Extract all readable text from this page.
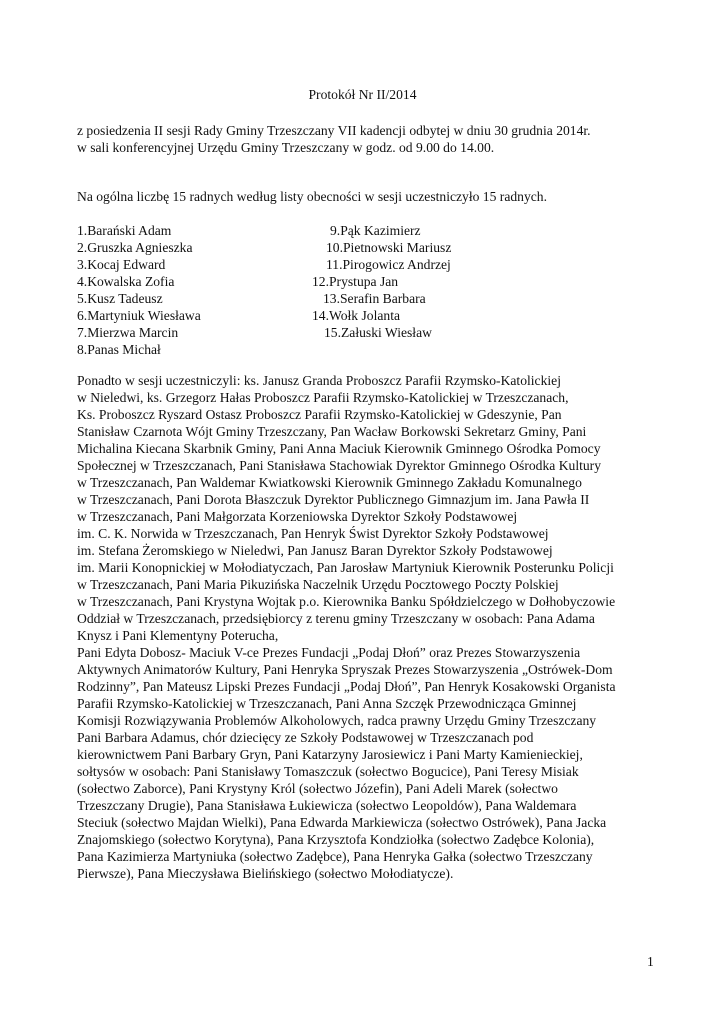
Protokół Nr II/2014
z posiedzenia II sesji Rady Gminy Trzeszczany VII kadencji odbytej w dniu 30 grudnia 2014r.
w sali konferencyjnej Urzędu Gminy Trzeszczany w godz. od 9.00 do 14.00.
Na ogólna liczbę 15 radnych według listy obecności w sesji uczestniczyło 15 radnych.
1.Barański Adam	9.Pąk Kazimierz
2.Gruszka Agnieszka	10.Pietnowski Mariusz
3.Kocaj Edward	11.Pirogowicz Andrzej
4.Kowalska Zofia	12.Prystupa Jan
5.Kusz Tadeusz	13.Serafin Barbara
6.Martyniuk Wiesława	14.Wołk Jolanta
7.Mierzwa Marcin	15.Załuski Wiesław
8.Panas Michał
Ponadto w sesji uczestniczyli: ks. Janusz Granda Proboszcz Parafii Rzymsko-Katolickiej
w Nieledwi, ks. Grzegorz Hałas Proboszcz Parafii Rzymsko-Katolickiej w Trzeszczanach,
Ks. Proboszcz Ryszard Ostasz Proboszcz Parafii Rzymsko-Katolickiej w Gdeszynie, Pan
Stanisław Czarnota Wójt Gminy Trzeszczany, Pan Wacław Borkowski Sekretarz Gminy, Pani
Michalina Kiecana Skarbnik Gminy, Pani Anna Maciuk Kierownik Gminnego Ośrodka Pomocy
Społecznej w Trzeszczanach, Pani Stanisława Stachowiak Dyrektor Gminnego Ośrodka Kultury
w Trzeszczanach, Pan Waldemar Kwiatkowski Kierownik Gminnego Zakładu Komunalnego
w Trzeszczanach, Pani Dorota Błaszczuk Dyrektor Publicznego Gimnazjum im. Jana Pawła II
w Trzeszczanach, Pani Małgorzata Korzeniowska Dyrektor Szkoły Podstawowej
im. C. K. Norwida w Trzeszczanach, Pan Henryk Świst Dyrektor Szkoły Podstawowej
im. Stefana Żeromskiego w Nieledwi, Pan Janusz Baran Dyrektor Szkoły Podstawowej
im. Marii Konopnickiej w Mołodiatyczach, Pan Jarosław Martyniuk Kierownik Posterunku Policji
w Trzeszczanach, Pani Maria Pikuzińska Naczelnik Urzędu Pocztowego Poczty Polskiej
w Trzeszczanach, Pani Krystyna Wojtak p.o. Kierownika Banku Spółdzielczego w Dołhobyczowie
Oddział w Trzeszczanach, przedsiębiorcy z terenu gminy Trzeszczany w osobach: Pana Adama
Knysz i Pani Klementyny Poterucha,
Pani Edyta Dobosz- Maciuk V-ce Prezes Fundacji „Podaj Dłoń” oraz Prezes Stowarzyszenia
Aktywnych Animatorów Kultury, Pani Henryka Spryszak Prezes Stowarzyszenia „Ostrówek-Dom
Rodzinny”, Pan Mateusz Lipski Prezes Fundacji „Podaj Dłoń”, Pan Henryk Kosakowski Organista
Parafii Rzymsko-Katolickiej w Trzeszczanach, Pani Anna Szczęk Przewodnicząca Gminnej
Komisji Rozwiązywania Problemów Alkoholowych, radca prawny Urzędu Gminy Trzeszczany
Pani Barbara Adamus, chór dziecięcy ze Szkoły Podstawowej w Trzeszczanach pod
kierownictwem Pani Barbary Gryn, Pani Katarzyny Jarosiewicz i Pani Marty Kamienieckiej,
sołtysów w osobach: Pani Stanisławy Tomaszczuk (sołectwo Bogucice), Pani Teresy Misiak
(sołectwo Zaborce), Pani Krystyny Król (sołectwo Józefin), Pani Adeli Marek (sołectwo
Trzeszczany Drugie), Pana Stanisława Łukiewicza (sołectwo Leopoldów), Pana Waldemara
Steciuk (sołectwo Majdan Wielki), Pana Edwarda Markiewicza (sołectwo Ostrówek), Pana Jacka
Znajomskiego (sołectwo Korytyna), Pana Krzysztofa Kondziołka (sołectwo Zadębce Kolonia),
Pana Kazimierza Martyniuka (sołectwo Zadębce), Pana Henryka Gałka (sołectwo Trzeszczany
Pierwsze), Pana Mieczysława Bielińskiego (sołectwo Mołodiatycze).
1
